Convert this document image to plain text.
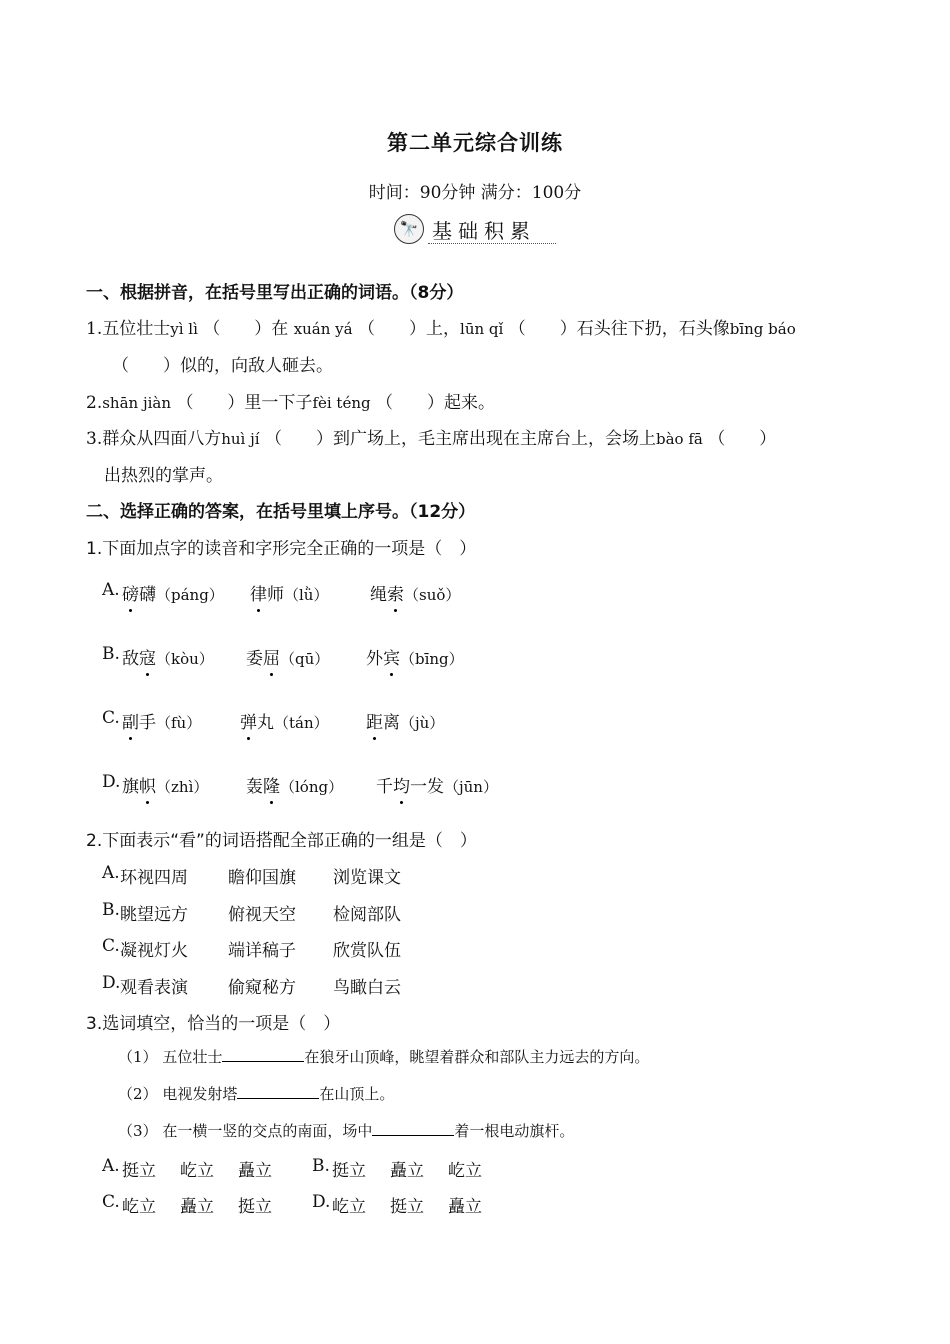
第二单元综合训练
时间：90分钟 满分：100分
🔭 基础积累
一、根据拼音，在括号里写出正确的词语。（8分）
1.五位壮士yì lì （　　）在 xuán yá （　　）上，lūn qǐ （　　）石头往下扔，石头像bīng báo
（　　）似的，向敌人砸去。
2.shān jiàn （　　）里一下子fèi téng （　　）起来。
3.群众从四面八方huì jí （　　）到广场上，毛主席出现在主席台上，会场上bào fā （　　）
出热烈的掌声。
二、选择正确的答案，在括号里填上序号。（12分）
1.下面加点字的读音和字形完全正确的一项是（　）
A. 磅礴（páng） 律师（lǜ） 绳索（suǒ）
B. 敌寇（kòu） 委屈（qū） 外宾（bīng）
C. 副手（fù） 弹丸（tán） 距离（jù）
D. 旗帜（zhì） 轰隆（lóng） 千均一发（jūn）
2.下面表示“看”的词语搭配全部正确的一组是（　）
A. 环视四周 瞻仰国旗 浏览课文
B. 眺望远方 俯视天空 检阅部队
C. 凝视灯火 端详稿子 欣赏队伍
D. 观看表演 偷窥秘方 鸟瞰白云
3.选词填空，恰当的一项是（　）
（1） 五位壮士	在狼牙山顶峰，眺望着群众和部队主力远去的方向。
（2） 电视发射塔	在山顶上。
（3） 在一横一竖的交点的南面，场中	着一根电动旗杆。
A. 挺立 屹立 矗立 B. 挺立 矗立 屹立
C. 屹立 矗立 挺立 D. 屹立 挺立 矗立
